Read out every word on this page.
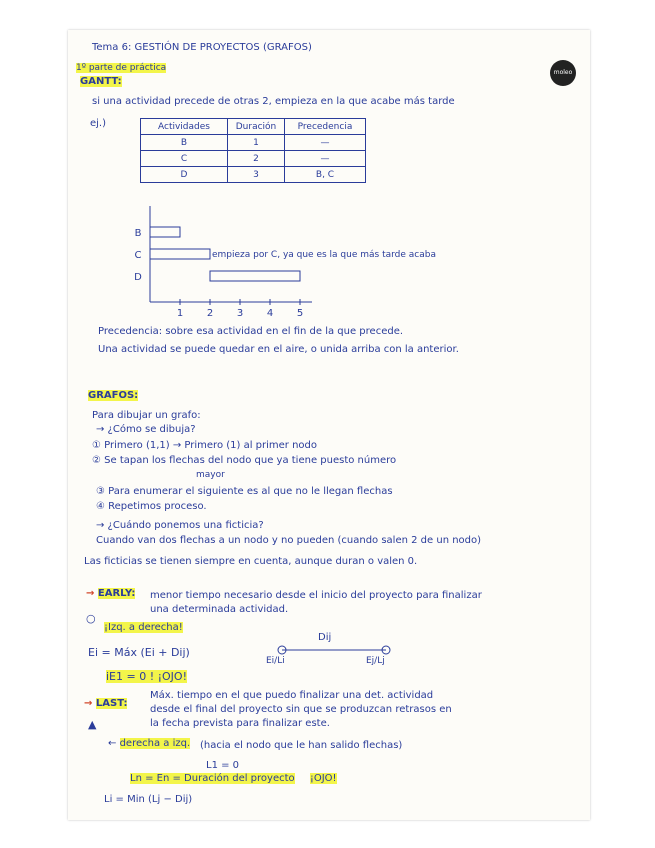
moleo
Tema 6: GESTIÓN DE PROYECTOS (GRAFOS)
1º parte de práctica
GANTT:
si una actividad precede de otras 2, empieza en la que acabe más tarde
ej.)	Actividades	Duración	Precedencia
B	1	—
C	2	—
D	3	B, C
1 2 3 4 5
B
C
D
empieza por C, ya que es la que más tarde acaba
Precedencia: sobre esa actividad en el fin de la que precede.
Una actividad se puede quedar en el aire, o unida arriba con la anterior.
GRAFOS:
Para dibujar un grafo:
→ ¿Cómo se dibuja?
① Primero (1,1) → Primero (1) al primer nodo
② Se tapan los flechas del nodo que ya tiene puesto número
mayor
③ Para enumerar el siguiente es al que no le llegan flechas
④ Repetimos proceso.
→ ¿Cuándo ponemos una ficticia?
Cuando van dos flechas a un nodo y no pueden (cuando salen 2 de un nodo)
Las ficticias se tienen siempre en cuenta, aunque duran o valen 0.
→ EARLY: menor tiempo necesario desde el inicio del proyecto para finalizar
una determinada actividad.
○
¡Izq. a derecha!
Ei = Máx (Ei + Dij)
iE1 = 0 ! ¡OJO!
Dij
Ei/Li	Ej/Lj
→ LAST:
Máx. tiempo en el que puedo finalizar una det. actividad
desde el final del proyecto sin que se produzcan retrasos en
la fecha prevista para finalizar este.
▲
← derecha a izq. (hacia el nodo que le han salido flechas)
L1 = 0
Ln = En = Duración del proyecto ¡OJO!
Li = Min (Lj − Dij)
